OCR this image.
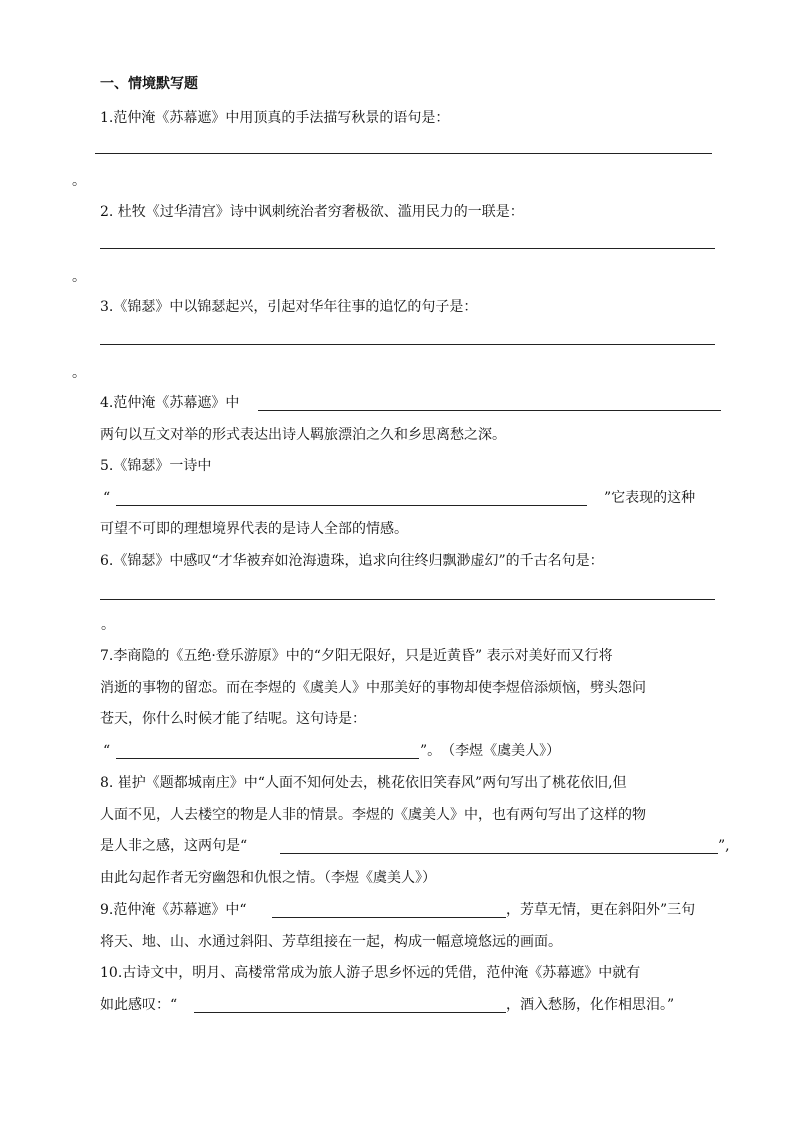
一、情境默写题
1.范仲淹《苏幕遮》中用顶真的手法描写秋景的语句是：
。
2. 杜牧《过华清宫》诗中讽刺统治者穷奢极欲、滥用民力的一联是：
。
3.《锦瑟》中以锦瑟起兴，引起对华年往事的追忆的句子是：
。
4.范仲淹《苏幕遮》中
两句以互文对举的形式表达出诗人羁旅漂泊之久和乡思离愁之深。
5.《锦瑟》一诗中
“	”它表现的这种
可望不可即的理想境界代表的是诗人全部的情感。
6.《锦瑟》中感叹“才华被弃如沧海遗珠，追求向往终归飘渺虚幻”的千古名句是：
。
7.李商隐的《五绝·登乐游原》中的“夕阳无限好，只是近黄昏” 表示对美好而又行将
消逝的事物的留恋。而在李煜的《虞美人》中那美好的事物却使李煜倍添烦恼，劈头怨问
苍天，你什么时候才能了结呢。这句诗是：
“	”。　（李煜《虞美人》）
8. 崔护《题都城南庄》中“人面不知何处去，桃花依旧笑春风”两句写出了桃花依旧,但
人面不见，人去楼空的物是人非的情景。李煜的《虞美人》中，也有两句写出了这样的物
是人非之感，这两句是“	”,
由此勾起作者无穷幽怨和仇恨之情。（李煜《虞美人》）
9.范仲淹《苏幕遮》中“	，芳草无情，更在斜阳外”三句
将天、地、山、水通过斜阳、芳草组接在一起，构成一幅意境悠远的画面。
10.古诗文中，明月、高楼常常成为旅人游子思乡怀远的凭借，范仲淹《苏幕遮》中就有
如此感叹：“	，酒入愁肠，化作相思泪。”
